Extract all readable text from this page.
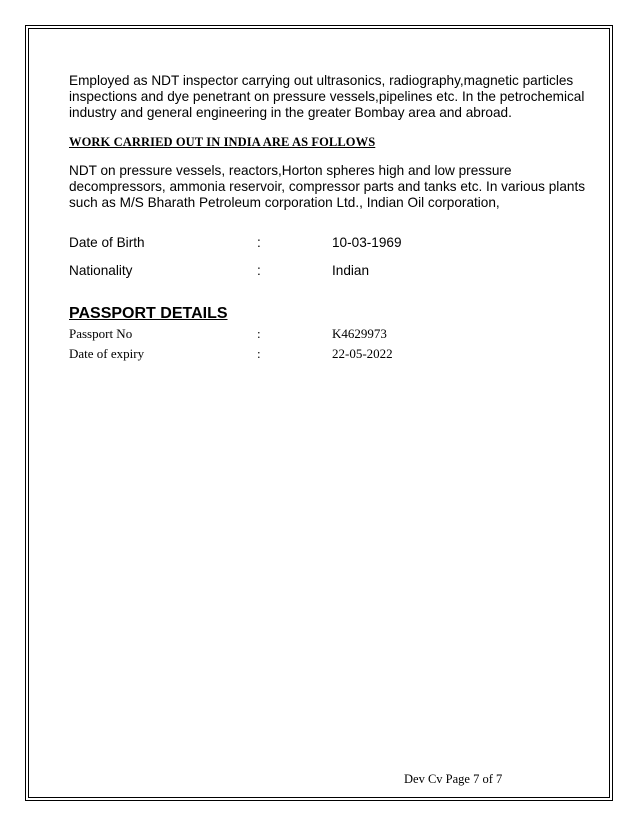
Employed as NDT inspector carrying out ultrasonics, radiography,magnetic particles
inspections and dye penetrant on pressure vessels,pipelines etc. In the petrochemical
industry and general engineering in the greater Bombay area and abroad.

WORK CARRIED OUT IN INDIA ARE AS FOLLOWS

NDT on pressure vessels, reactors,Horton spheres high and low pressure
decompressors, ammonia reservoir, compressor parts and tanks etc. In various plants
such as M/S Bharath Petroleum corporation Ltd., Indian Oil corporation,

Date of Birth	:	10-03-1969
Nationality	:	Indian

PASSPORT DETAILS

Passport No	:	K4629973
Date of expiry	:	22-05-2022
Dev Cv Page 7 of 7
